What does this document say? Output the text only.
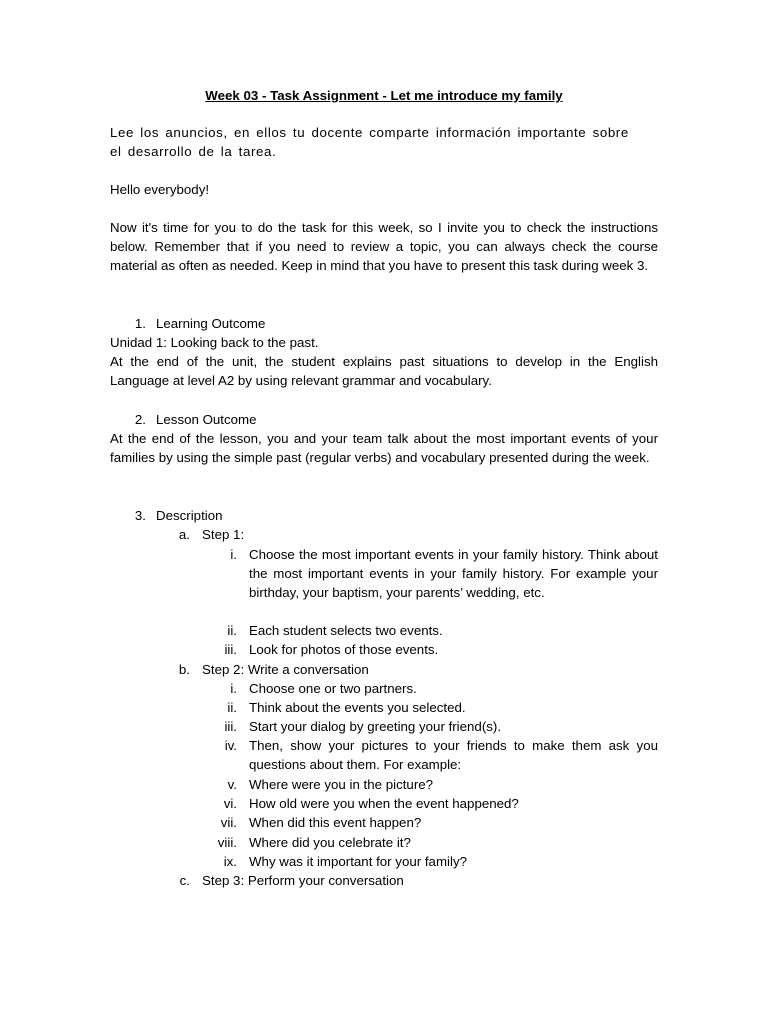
Week 03 - Task Assignment - Let me introduce my family
Lee los anuncios, en ellos tu docente comparte información importante sobre
el desarrollo de la tarea.
Hello everybody!
Now it's time for you to do the task for this week, so I invite you to check the instructions below. Remember that if you need to review a topic, you can always check the course material as often as needed. Keep in mind that you have to present this task during week 3.
1. Learning Outcome
Unidad 1: Looking back to the past.
At the end of the unit, the student explains past situations to develop in the English Language at level A2 by using relevant grammar and vocabulary.
2. Lesson Outcome
At the end of the lesson, you and your team talk about the most important events of your families by using the simple past (regular verbs) and vocabulary presented during the week.
3. Description
a. Step 1:
i. Choose the most important events in your family history. Think about the most important events in your family history. For example your birthday, your baptism, your parents’ wedding, etc.
ii. Each student selects two events.
iii. Look for photos of those events.
b. Step 2: Write a conversation
i. Choose one or two partners.
ii. Think about the events you selected.
iii. Start your dialog by greeting your friend(s).
iv. Then, show your pictures to your friends to make them ask you questions about them. For example:
v. Where were you in the picture?
vi. How old were you when the event happened?
vii. When did this event happen?
viii. Where did you celebrate it?
ix. Why was it important for your family?
c. Step 3: Perform your conversation
